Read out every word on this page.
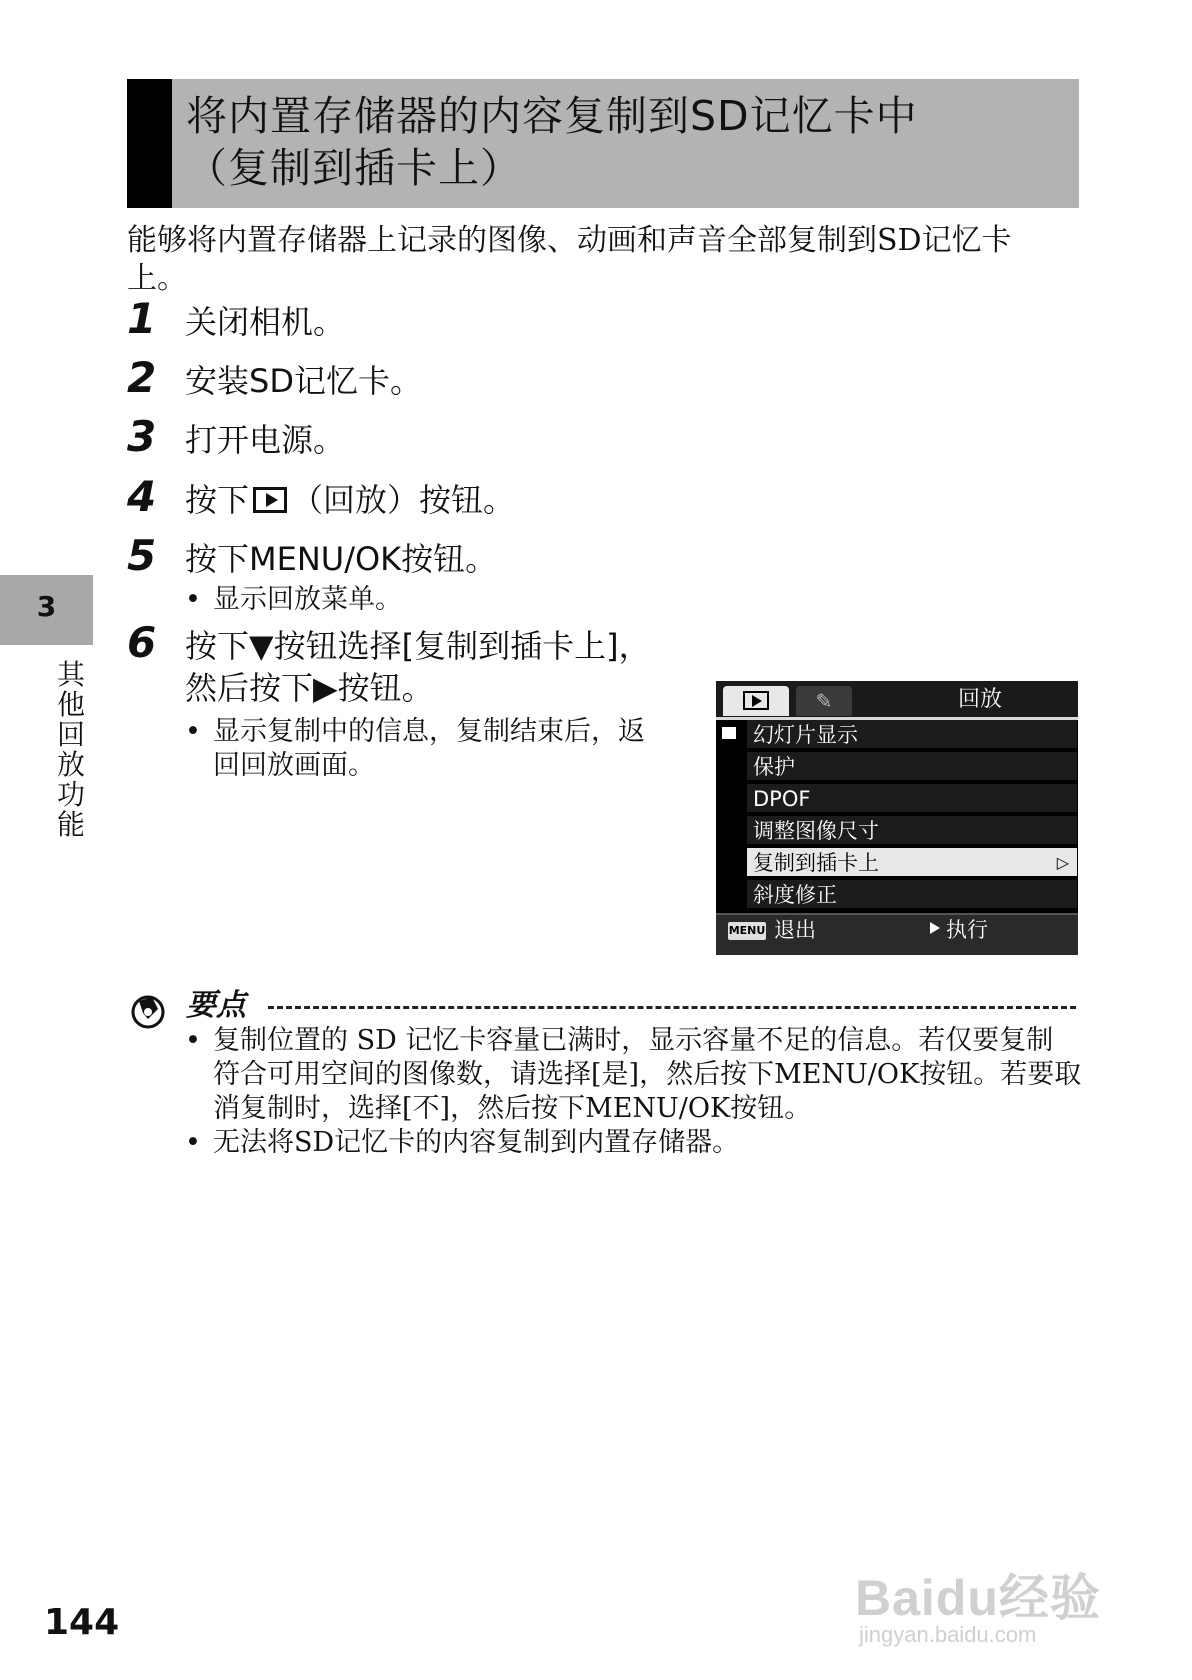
将内置存储器的内容复制到SD记忆卡中
（复制到插卡上）
能够将内置存储器上记录的图像、动画和声音全部复制到SD记忆卡
上。
3
其他回放功能
1 关闭相机。
2 安装SD记忆卡。
3 打开电源。
4 按下 （回放）按钮。
5 按下MENU/OK按钮。
• 显示回放菜单。
6 按下▼按钮选择[复制到插卡上]，
然后按下▶按钮。
• 显示复制中的信息，复制结束后，返
回回放画面。
✎	回放
幻灯片显示
保护
DPOF
调整图像尺寸
复制到插卡上	▷
斜度修正
MENU 退出	执行
要点
• 复制位置的 SD 记忆卡容量已满时，显示容量不足的信息。若仅要复制
符合可用空间的图像数，请选择[是]，然后按下MENU/OK按钮。若要取
消复制时，选择[不]，然后按下MENU/OK按钮。
• 无法将SD记忆卡的内容复制到内置存储器。
144	Baidu经验
jingyan.baidu.com
